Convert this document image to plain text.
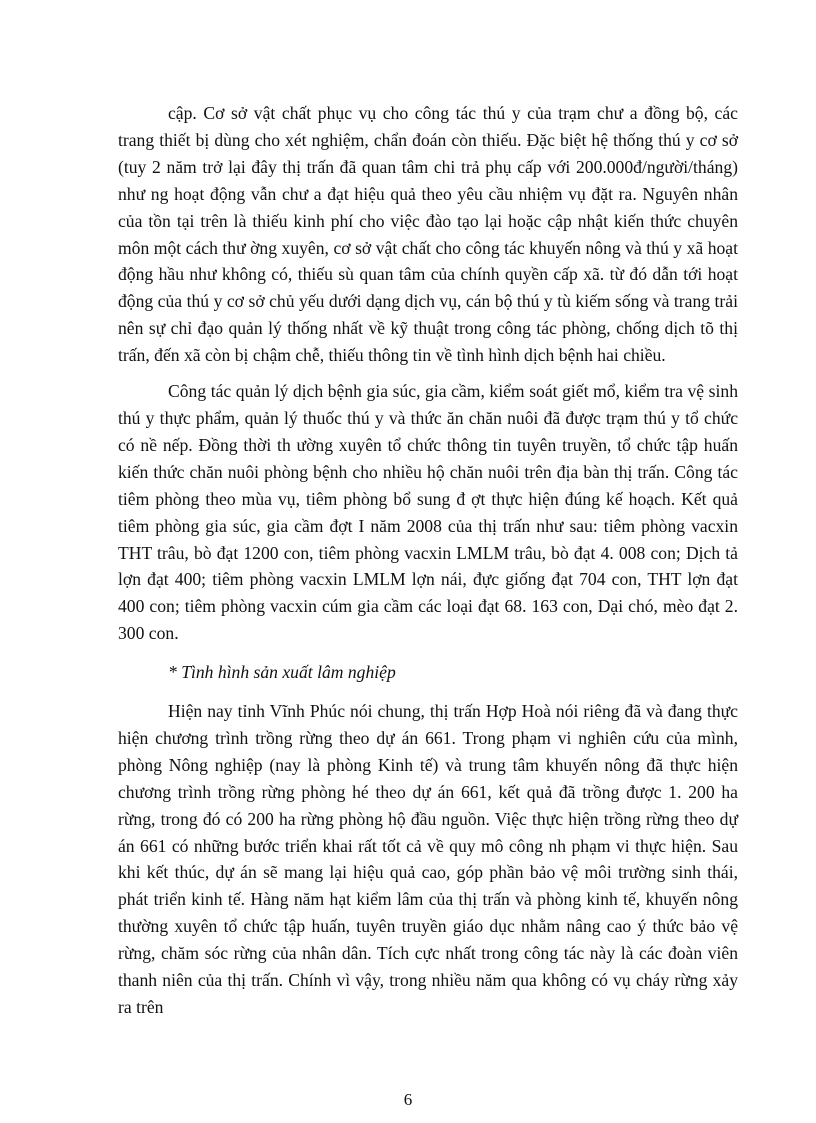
cập. Cơ sở vật chất phục vụ cho công tác thú y của trạm chư a đồng bộ, các trang thiết bị dùng cho xét nghiệm, chẩn đoán còn thiếu. Đặc biệt hệ thống thú y cơ sở (tuy 2 năm trở lại đây thị trấn đã quan tâm chi trả phụ cấp với 200.000đ/người/tháng) như ng hoạt động vẫn chư a đạt hiệu quả theo yêu cầu nhiệm vụ đặt ra. Nguyên nhân của tồn tại trên là thiếu kinh phí cho việc đào tạo lại hoặc cập nhật kiến thức chuyên môn một cách thư ờng xuyên, cơ sở vật chất cho công tác khuyến nông và thú y xã hoạt động hầu như không có, thiếu sù quan tâm của chính quyền cấp xã. từ đó dẫn tới hoạt động của thú y cơ sở chủ yếu dưới dạng dịch vụ, cán bộ thú y tù kiếm sống và trang trải nên sự chỉ đạo quản lý thống nhất về kỹ thuật trong công tác phòng, chống dịch tõ thị trấn, đến xã còn bị chậm chễ, thiếu thông tin về tình hình dịch bệnh hai chiều.

Công tác quản lý dịch bệnh gia súc, gia cầm, kiểm soát giết mổ, kiểm tra vệ sinh thú y thực phẩm, quản lý thuốc thú y và thức ăn chăn nuôi đã được trạm thú y tổ chức có nề nếp. Đồng thời th ường xuyên tổ chức thông tin tuyên truyền, tổ chức tập huấn kiến thức chăn nuôi phòng bệnh cho nhiều hộ chăn nuôi trên địa bàn thị trấn. Công tác tiêm phòng theo mùa vụ, tiêm phòng bổ sung đ ợt thực hiện đúng kế hoạch. Kết quả tiêm phòng gia súc, gia cầm đợt I năm 2008 của thị trấn như sau: tiêm phòng vacxin THT trâu, bò đạt 1200 con, tiêm phòng vacxin LMLM trâu, bò đạt 4. 008 con; Dịch tả lợn đạt 400; tiêm phòng vacxin LMLM lợn nái, đực giống đạt 704 con, THT lợn đạt 400 con; tiêm phòng vacxin cúm gia cầm các loại đạt 68. 163 con, Dại chó, mèo đạt 2. 300 con.

* Tình hình sản xuất lâm nghiệp

Hiện nay tỉnh Vĩnh Phúc nói chung, thị trấn Hợp Hoà nói riêng đã và đang thực hiện chương trình trồng rừng theo dự án 661. Trong phạm vi nghiên cứu của mình, phòng Nông nghiệp (nay là phòng Kinh tế) và trung tâm khuyến nông đã thực hiện chương trình trồng rừng phòng hé theo dự án 661, kết quả đã trồng được 1. 200 ha rừng, trong đó có 200 ha rừng phòng hộ đầu nguồn. Việc thực hiện trồng rừng theo dự án 661 có những bước triển khai rất tốt cả về quy mô công nh phạm vi thực hiện. Sau khi kết thúc, dự án sẽ mang lại hiệu quả cao, góp phần bảo vệ môi trường sinh thái, phát triển kinh tế. Hàng năm hạt kiểm lâm của thị trấn và phòng kinh tế, khuyến nông thường xuyên tổ chức tập huấn, tuyên truyền giáo dục nhằm nâng cao ý thức bảo vệ rừng, chăm sóc rừng của nhân dân. Tích cực nhất trong công tác này là các đoàn viên thanh niên của thị trấn. Chính vì vậy, trong nhiều năm qua không có vụ cháy rừng xảy ra trên

6
